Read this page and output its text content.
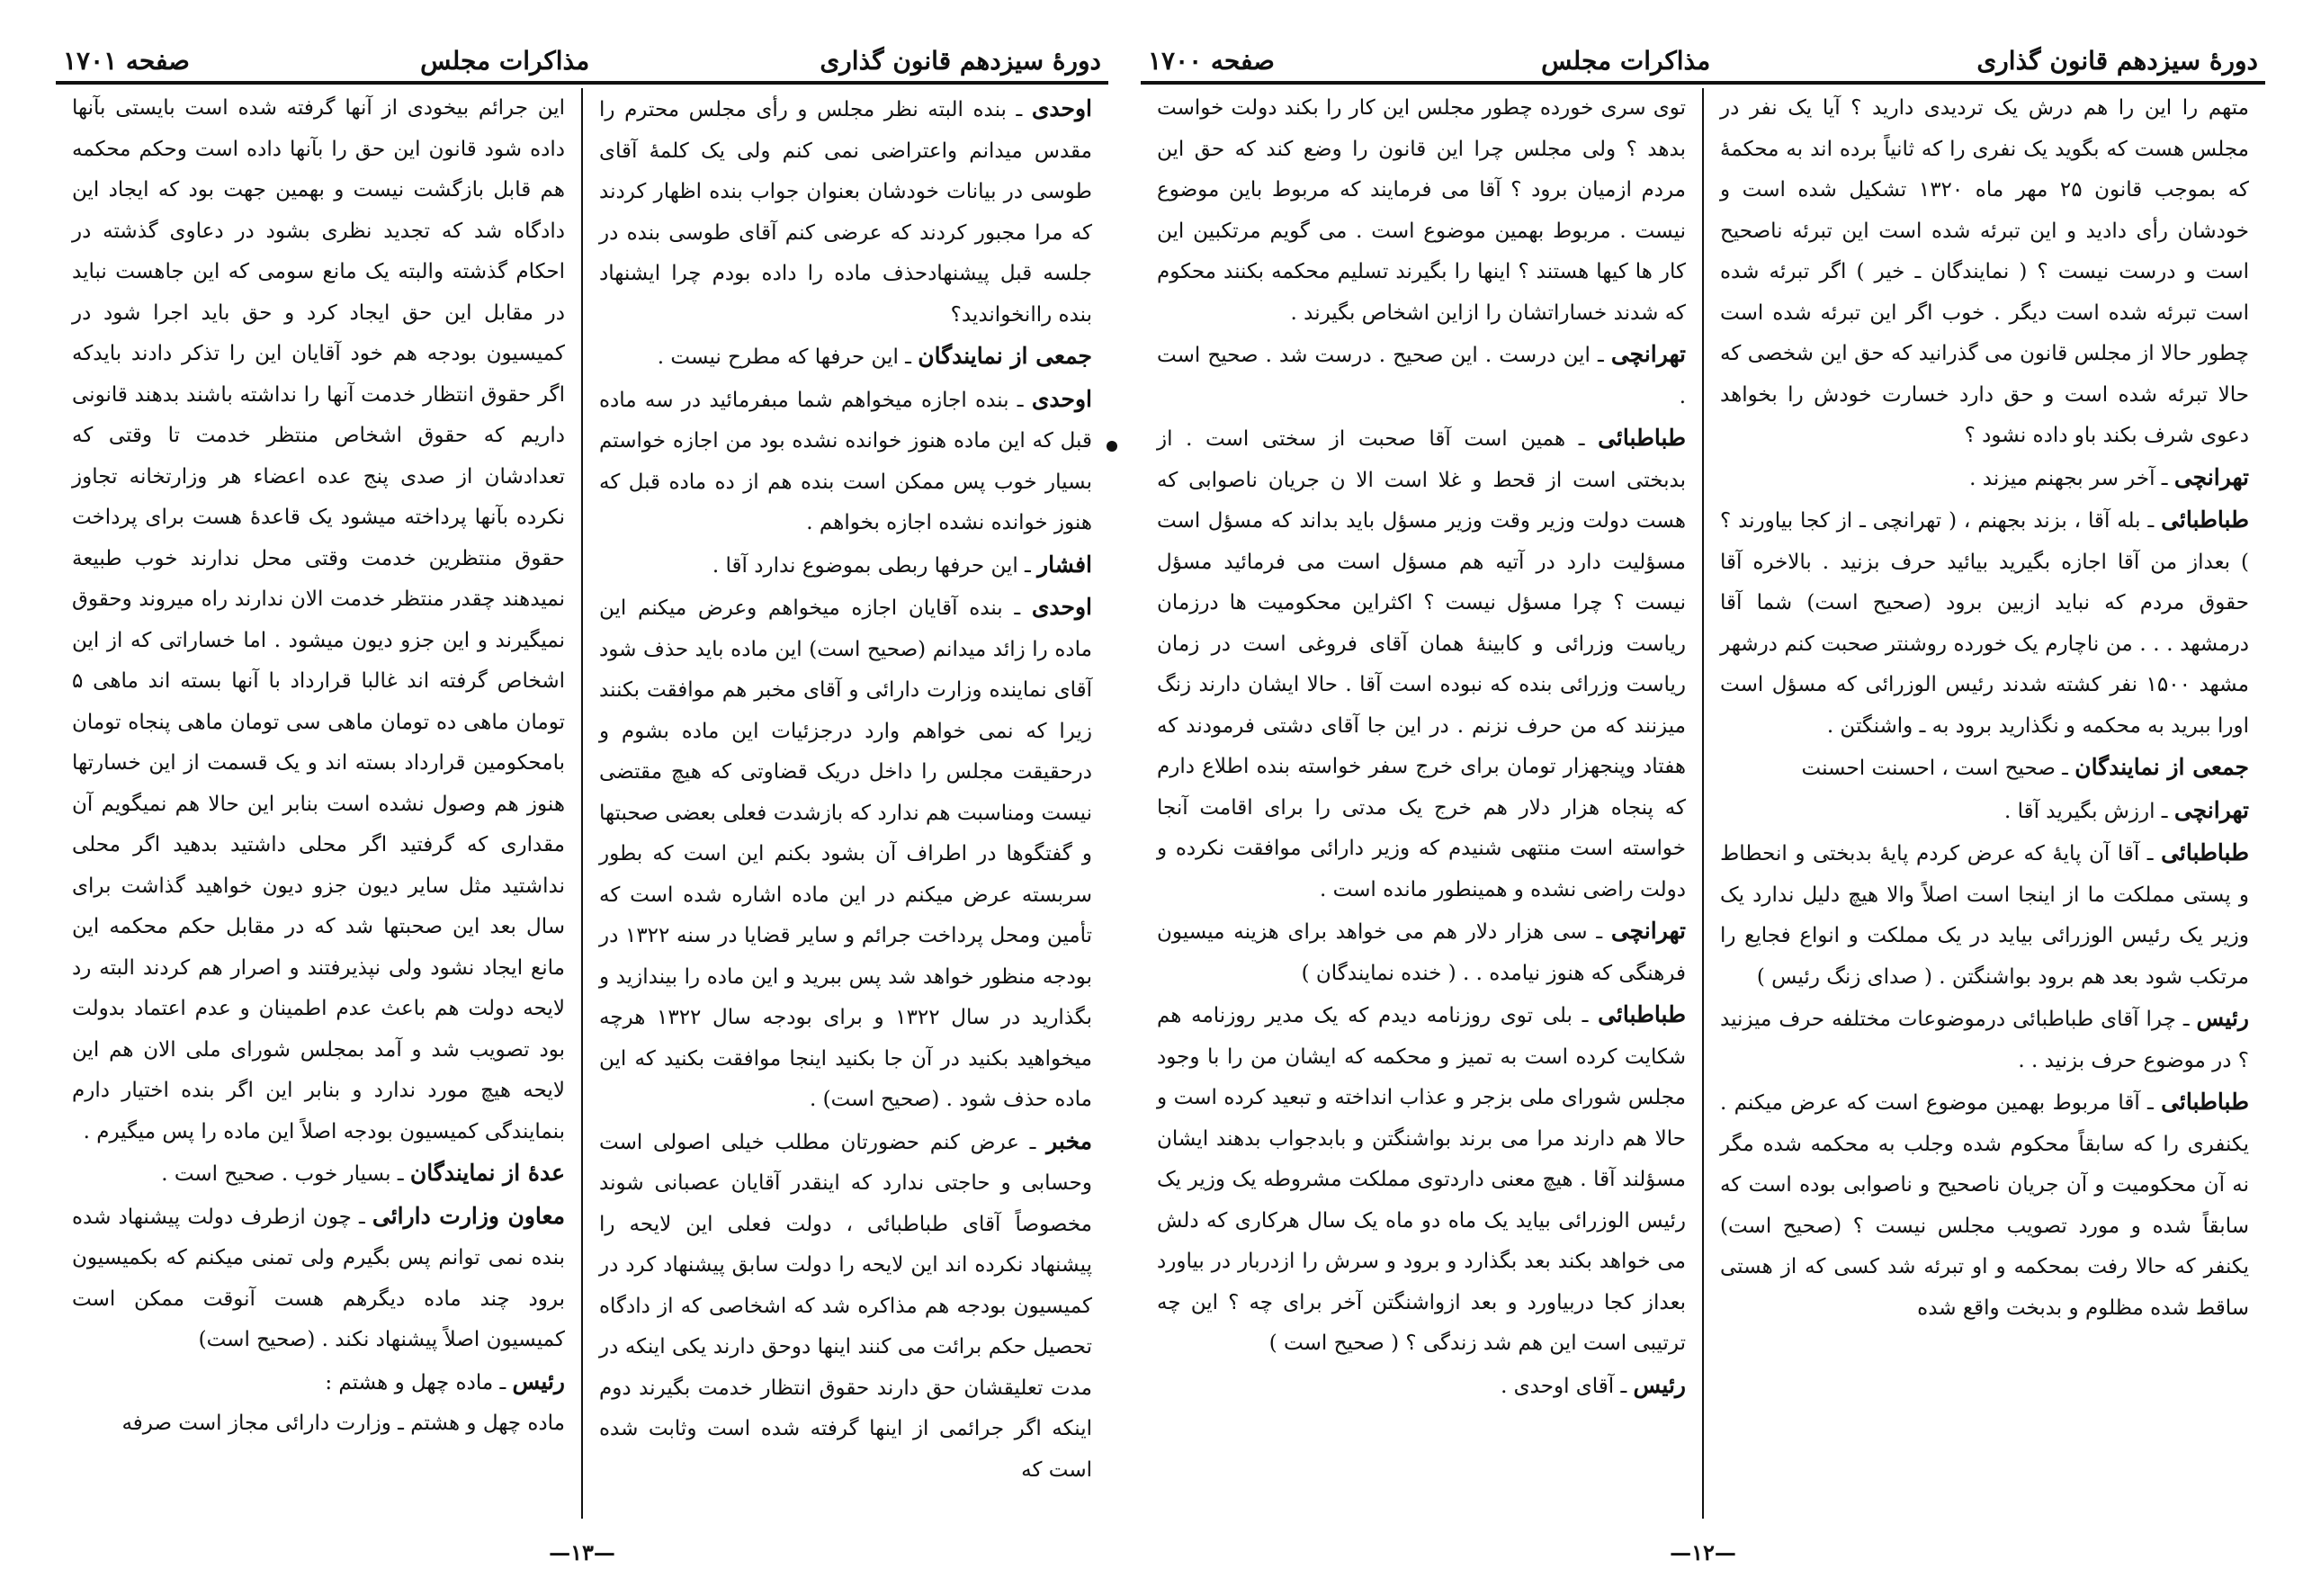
دورهٔ سیزدهم قانون گذاری
مذاکرات مجلس
صفحه ۱۷۰۱

اوحدی ـ بنده البته نظر مجلس و رأی مجلس محترم را مقدس میدانم واعتراضی نمی کنم ولی یک کلمهٔ آقای طوسی در بیانات خودشان بعنوان جواب بنده اظهار کردند که مرا مجبور کردند که عرضی کنم آقای طوسی بنده در جلسه قبل پیشنهادحذف ماده را داده بودم چرا ایشنهاد بنده راانخواندید؟

جمعی از نمایندگان ـ این حرفها که مطرح نیست .

اوحدی ـ بنده اجازه میخواهم شما مبفرمائید در سه ماده قبل که این ماده هنوز خوانده نشده بود من اجازه خواستم بسیار خوب پس ممکن است بنده هم از ده ماده قبل که هنوز خوانده نشده اجازه بخواهم .

افشار ـ این حرفها ربطی بموضوع ندارد آقا .

اوحدی ـ بنده آقایان اجازه میخواهم وعرض میکنم این ماده را زائد میدانم (صحیح است) این ماده باید حذف شود آقای نماینده وزارت دارائی و آقای مخبر هم موافقت بکنند زیرا که نمی خواهم وارد درجزئیات این ماده بشوم و درحقیقت مجلس را داخل دریک قضاوتی که هیچ مقتضی نیست ومناسبت هم ندارد که بازشدت فعلی بعضی صحبتها و گفتگوها در اطراف آن بشود بکنم این است که بطور سربسته عرض میکنم در این ماده اشاره شده است که تأمین ومحل پرداخت جرائم و سایر قضایا در سنه ۱۳۲۲ در بودجه منظور خواهد شد پس ببرید و این ماده را بیندازید و بگذارید در سال ۱۳۲۲ و برای بودجه سال ۱۳۲۲ هرچه میخواهید بکنید در آن جا بکنید اینجا موافقت بکنید که این ماده حذف شود . (صحیح است) .

مخبر ـ عرض کنم حضورتان مطلب خیلی اصولی است وحسابی و حاجتی ندارد که اینقدر آقایان عصبانی شوند مخصوصاً آقای طباطبائی ، دولت فعلی این لایحه را پیشنهاد نکرده اند این لایحه را دولت سابق پیشنهاد کرد در کمیسیون بودجه هم مذاکره شد که اشخاصی که از دادگاه تحصیل حکم برائت می کنند اینها دوحق دارند یکی اینکه در مدت تعلیقشان حق دارند حقوق انتظار خدمت بگیرند دوم اینکه اگر جرائمی از اینها گرفته شده است وثابت شده است که

این جرائم بیخودی از آنها گرفته شده است بایستی بآنها داده شود قانون این حق را بآنها داده است وحکم محکمه هم قابل بازگشت نیست و بهمین جهت بود که ایجاد این دادگاه شد که تجدید نظری بشود در دعاوی گذشته در احکام گذشته والبته یک مانع سومی که این جاهست نباید در مقابل این حق ایجاد کرد و حق باید اجرا شود در کمیسیون بودجه هم خود آقایان این را تذکر دادند بایدکه اگر حقوق انتظار خدمت آنها را نداشته باشند بدهند قانونی داریم که حقوق اشخاص منتظر خدمت تا وقتی که تعدادشان از صدی پنج عده اعضاء هر وزارتخانه تجاوز نکرده بآنها پرداخته میشود یک قاعدهٔ هست برای پرداخت حقوق منتظرین خدمت وقتی محل ندارند خوب طبیعة نمیدهند چقدر منتظر خدمت الان ندارند راه میروند وحقوق نمیگیرند و این جزو دیون میشود . اما خساراتی که از این اشخاص گرفته اند غالبا قرارداد با آنها بسته اند ماهی ۵ تومان ماهی ده تومان ماهی سی تومان ماهی پنجاه تومان بامحکومین قرارداد بسته اند و یک قسمت از این خسارتها هنوز هم وصول نشده است بنابر این حالا هم نمیگویم آن مقداری که گرفتید اگر محلی داشتید بدهید اگر محلی نداشتید مثل سایر دیون جزو دیون خواهید گذاشت برای سال بعد این صحبتها شد که در مقابل حکم محکمه این مانع ایجاد نشود ولی نپذیرفتند و اصرار هم کردند البته رد لایحه دولت هم باعث عدم اطمینان و عدم اعتماد بدولت بود تصویب شد و آمد بمجلس شورای ملی الان هم این لایحه هیچ مورد ندارد و بنابر این اگر بنده اختیار دارم بنمایندگی کمیسیون بودجه اصلاً این ماده را پس میگیرم .

عدهٔ از نمایندگان ـ بسیار خوب . صحیح است .

معاون وزارت دارائی ـ چون ازطرف دولت پیشنهاد شده بنده نمی توانم پس بگیرم ولی تمنی میکنم که بکمیسیون برود چند ماده دیگرهم هست آنوقت ممکن است کمیسیون اصلاً پیشنهاد نکند . (صحیح است)

رئیس ـ ماده چهل و هشتم :

ماده چهل و هشتم ـ وزارت دارائی مجاز است صرفه

—۱۳—
دورهٔ سیزدهم قانون گذاری
مذاکرات مجلس
صفحه ۱۷۰۰

متهم را این را هم درش یک تردیدی دارید ؟ آیا یک نفر در مجلس هست که بگوید یک نفری را که ثانیاً برده اند به محکمهٔ که بموجب قانون ۲۵ مهر ماه ۱۳۲۰ تشکیل شده است و خودشان رأی دادید و این تبرئه شده است این تبرئه ناصحیح است و درست نیست ؟ ( نمایندگان ـ خیر ) اگر تبرئه شده است تبرئه شده است دیگر . خوب اگر این تبرئه شده است چطور حالا از مجلس قانون می گذرانید که حق این شخصی که حالا تبرئه شده است و حق دارد خسارت خودش را بخواهد دعوی شرف بکند باو داده نشود ؟

تهرانچی ـ آخر سر بجهنم میزند .

طباطبائی ـ بله آقا ، بزند بجهنم ، ( تهرانچی ـ از کجا بیاورند ؟ ) بعداز من آقا اجازه بگیرید بیائید حرف بزنید . بالاخره آقا حقوق مردم که نباید ازبین برود (صحیح است) شما آقا درمشهد . . . من ناچارم یک خورده روشنتر صحبت کنم درشهر مشهد ۱۵۰۰ نفر کشته شدند رئیس الوزرائی که مسؤل است اورا ببرید به محکمه و نگذارید برود به ـ واشنگتن .

جمعی از نمایندگان ـ صحیح است ، احسنت احسنت

تهرانچی ـ ارزش بگیرید آقا .

طباطبائی ـ آقا آن پایهٔ که عرض کردم پایهٔ بدبختی و انحطاط و پستی مملکت ما از اینجا است اصلاً والا هیچ دلیل ندارد یک وزیر یک رئیس الوزرائی بیاید در یک مملکت و انواع فجایع را مرتکب شود بعد هم برود بواشنگتن . ( صدای زنگ رئیس )

رئیس ـ چرا آقای طباطبائی درموضوعات مختلفه حرف میزنید ؟ در موضوع حرف بزنید . .

طباطبائی ـ آقا مربوط بهمین موضوع است که عرض میکنم . یکنفری را که سابقاً محکوم شده وجلب به محکمه شده مگر نه آن محکومیت و آن جریان ناصحیح و ناصوابی بوده است که سابقاً شده و مورد تصویب مجلس نیست ؟ (صحیح است) یکنفر که حالا رفت بمحکمه و او تبرئه شد کسی که از هستی ساقط شده مظلوم و بدبخت واقع شده

توی سری خورده چطور مجلس این کار را بکند دولت خواست بدهد ؟ ولی مجلس چرا این قانون را وضع کند که حق این مردم ازمیان برود ؟ آقا می فرمایند که مربوط باین موضوع نیست . مربوط بهمین موضوع است . می گویم مرتکبین این کار ها کیها هستند ؟ اینها را بگیرند تسلیم محکمه بکنند محکوم که شدند خساراتشان را ازاین اشخاص بگیرند .

تهرانچی ـ این درست . این صحیح . درست شد . صحیح است .

طباطبائی ـ همین است آقا صحبت از سختی است . از بدبختی است از قحط و غلا است الا ن جریان ناصوابی که هست دولت وزیر وقت وزیر مسؤل باید بداند که مسؤل است مسؤلیت دارد در آتیه هم مسؤل است می فرمائید مسؤل نیست ؟ چرا مسؤل نیست ؟ اکثراین محکومیت ها درزمان ریاست وزرائی و کابینهٔ همان آقای فروغی است در زمان ریاست وزرائی بنده که نبوده است آقا . حالا ایشان دارند زنگ میزنند که من حرف نزنم . در این جا آقای دشتی فرمودند که هفتاد وپنجهزار تومان برای خرج سفر خواسته بنده اطلاع دارم که پنجاه هزار دلار هم خرج یک مدتی را برای اقامت آنجا خواسته است منتهی شنیدم که وزیر دارائی موافقت نکرده و دولت راضی نشده و همینطور مانده است .

تهرانچی ـ سی هزار دلار هم می خواهد برای هزینه میسیون فرهنگی که هنوز نیامده . . ( خنده نمایندگان )

طباطبائی ـ بلی توی روزنامه دیدم که یک مدیر روزنامه هم شکایت کرده است به تمیز و محکمه که ایشان من را با وجود مجلس شورای ملی بزجر و عذاب انداخته و تبعید کرده است و حالا هم دارند مرا می برند بواشنگتن و بابدجواب بدهند ایشان مسؤلند آقا . هیچ معنی داردتوی مملکت مشروطه یک وزیر یک رئیس الوزرائی بیاید یک ماه دو ماه یک سال هرکاری که دلش می خواهد بکند بعد بگذارد و برود و سرش را ازدربار در بیاورد بعداز کجا دربیاورد و بعد ازواشنگتن آخر برای چه ؟ این چه ترتیبی است این هم شد زندگی ؟ ( صحیح است )

رئیس ـ آقای اوحدی .

—۱۲—
